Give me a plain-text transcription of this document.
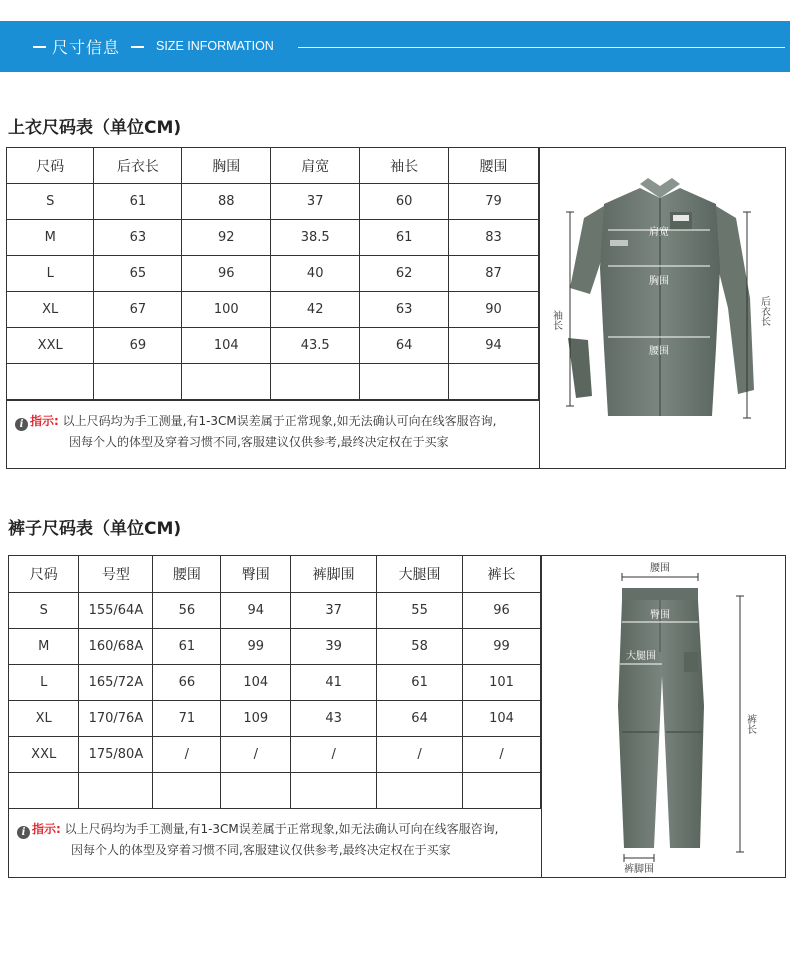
尺寸信息	SIZE INFORMATION
上衣尺码表（单位CM)
尺码	后衣长	胸围	肩宽	袖长	腰围
S	61	88	37	60	79
M	63	92	38.5	61	83
L	65	96	40	62	87
XL	67	100	42	63	90
XXL	69	104	43.5	64	94

i 指示: 以上尺码均为手工测量,有1-3CM误差属于正常现象,如无法确认可向在线客服咨询,
因每个人的体型及穿着习惯不同,客服建议仅供参考,最终决定权在于买家
肩宽
胸围
腰围
袖长	后衣长
裤子尺码表（单位CM)
尺码	号型	腰围	臀围	裤脚围	大腿围	裤长
S	155/64A	56	94	37	55	96
M	160/68A	61	99	39	58	99
L	165/72A	66	104	41	61	101
XL	170/76A	71	109	43	64	104
XXL	175/80A	/	/	/	/	/

i 指示: 以上尺码均为手工测量,有1-3CM误差属于正常现象,如无法确认可向在线客服咨询,
因每个人的体型及穿着习惯不同,客服建议仅供参考,最终决定权在于买家
腰围
臀围
大腿围
裤脚围
裤长
